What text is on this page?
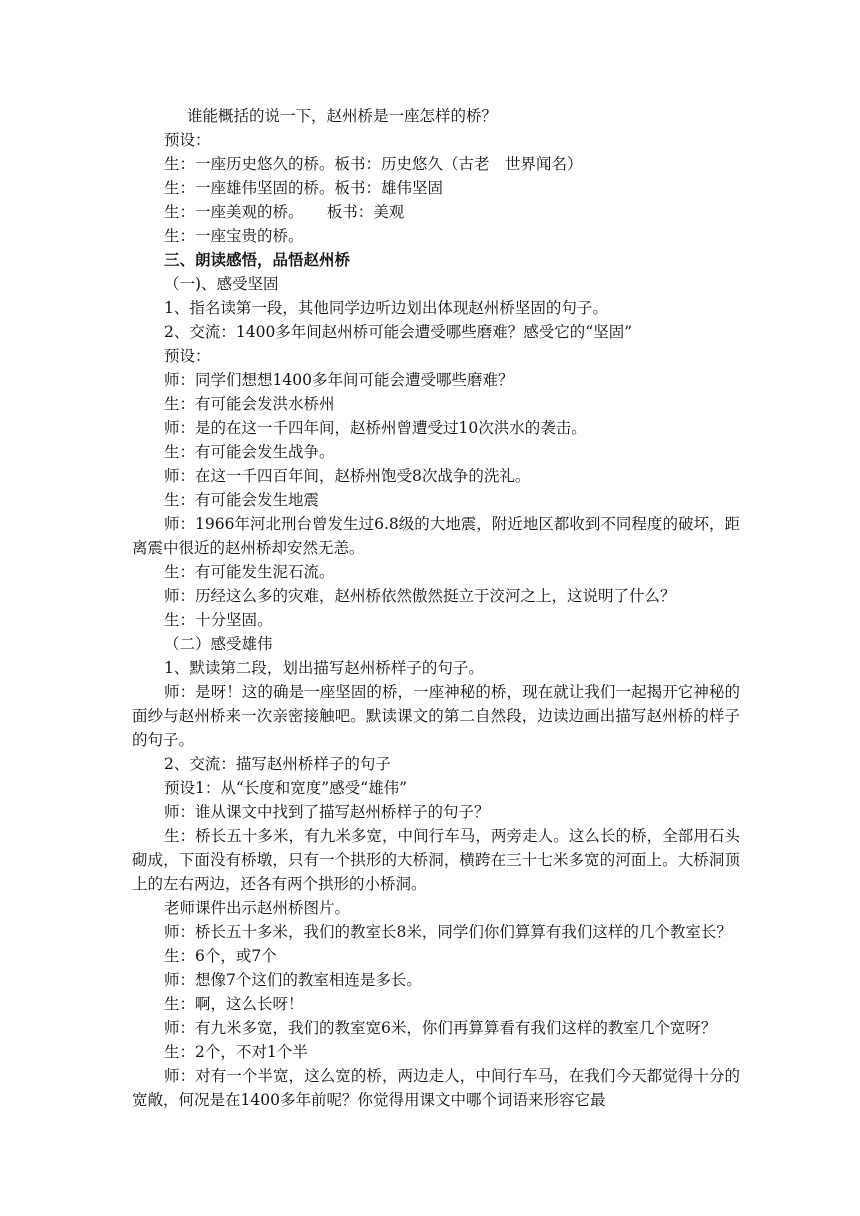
谁能概括的说一下，赵州桥是一座怎样的桥？

预设：

生：一座历史悠久的桥。板书：历史悠久（古老　世界闻名）

生：一座雄伟坚固的桥。板书：雄伟坚固

生：一座美观的桥。　　板书：美观

生：一座宝贵的桥。

三、朗读感悟，品悟赵州桥

（一)、感受坚固

1、指名读第一段，其他同学边听边划出体现赵州桥坚固的句子。

2、交流：1400多年间赵州桥可能会遭受哪些磨难？感受它的“坚固”

预设：

师：同学们想想1400多年间可能会遭受哪些磨难？

生：有可能会发洪水桥州

师：是的在这一千四年间，赵桥州曾遭受过10次洪水的袭击。

生：有可能会发生战争。

师：在这一千四百年间，赵桥州饱受8次战争的洗礼。

生：有可能会发生地震

师：1966年河北刑台曾发生过6.8级的大地震，附近地区都收到不同程度的破坏，距离震中很近的赵州桥却安然无恙。

生：有可能发生泥石流。

师：历经这么多的灾难，赵州桥依然傲然挺立于洨河之上，这说明了什么？

生：十分坚固。

（二）感受雄伟

1、默读第二段，划出描写赵州桥样子的句子。

师：是呀！这的确是一座坚固的桥，一座神秘的桥，现在就让我们一起揭开它神秘的面纱与赵州桥来一次亲密接触吧。默读课文的第二自然段，边读边画出描写赵州桥的样子的句子。

2、交流：描写赵州桥样子的句子

预设1：从“长度和宽度”感受“雄伟”

师：谁从课文中找到了描写赵州桥样子的句子？

生：桥长五十多米，有九米多宽，中间行车马，两旁走人。这么长的桥，全部用石头砌成，下面没有桥墩，只有一个拱形的大桥洞，横跨在三十七米多宽的河面上。大桥洞顶上的左右两边，还各有两个拱形的小桥洞。

老师课件出示赵州桥图片。

师：桥长五十多米，我们的教室长8米，同学们你们算算有我们这样的几个教室长？

生：6个，或7个

师：想像7个这们的教室相连是多长。

生：啊，这么长呀！

师：有九米多宽，我们的教室宽6米，你们再算算看有我们这样的教室几个宽呀？

生：2个，不对1个半

师：对有一个半宽，这么宽的桥，两边走人，中间行车马，在我们今天都觉得十分的宽敞，何况是在1400多年前呢？你觉得用课文中哪个词语来形容它最
